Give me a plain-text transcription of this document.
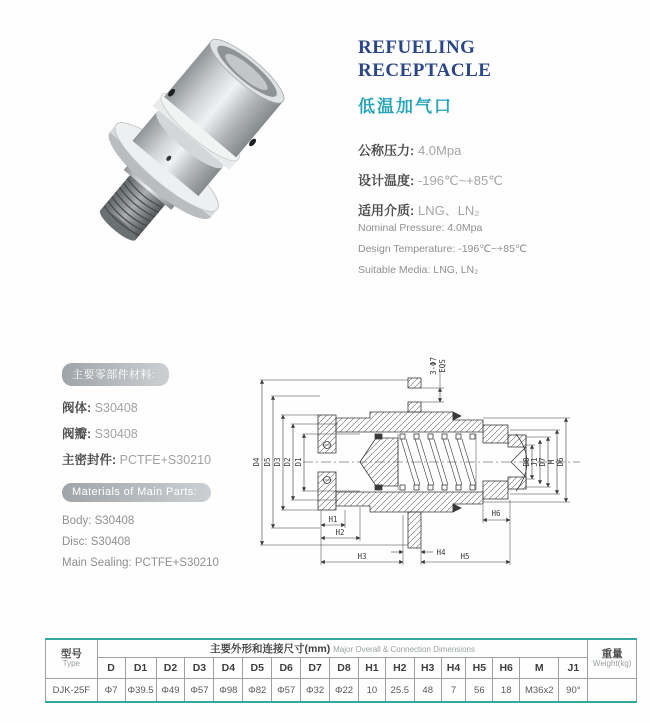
REFUELING
RECEPTACLE
低温加气口
公称压力: 4.0Mpa
设计温度: -196℃~+85℃
适用介质: LNG、LN₂
Nominal Pressure: 4.0Mpa
Design Temperature: -196℃~+85℃
Suitable Media: LNG, LN₂
主要零部件材料:
阀体: S30408
阀瓣: S30408
主密封件: PCTFE+S30210
Materials of Main Parts:
Body: S30408
Disc: S30408
Main Sealing: PCTFE+S30210
D4 D5 D3 D2 D1	D8 J1 D7 M D6
3-Φ7 EQS
H1
H2
H3	H4 H5
H6
型号
Type	主要外形和连接尺寸(mm) Major Overall & Connection Dimensions																	重量
Weight(kg)

	D	D1	D2	D3	D4	D5	D6	D7	D8	H1	H2	H3	H4	H5	H6	M	J1	
DJK-25F	Φ7	Φ39.5	Φ49	Φ57	Φ98	Φ82	Φ57	Φ32	Φ22	10	25.5	48	7	56	18	M36x2	90°	
